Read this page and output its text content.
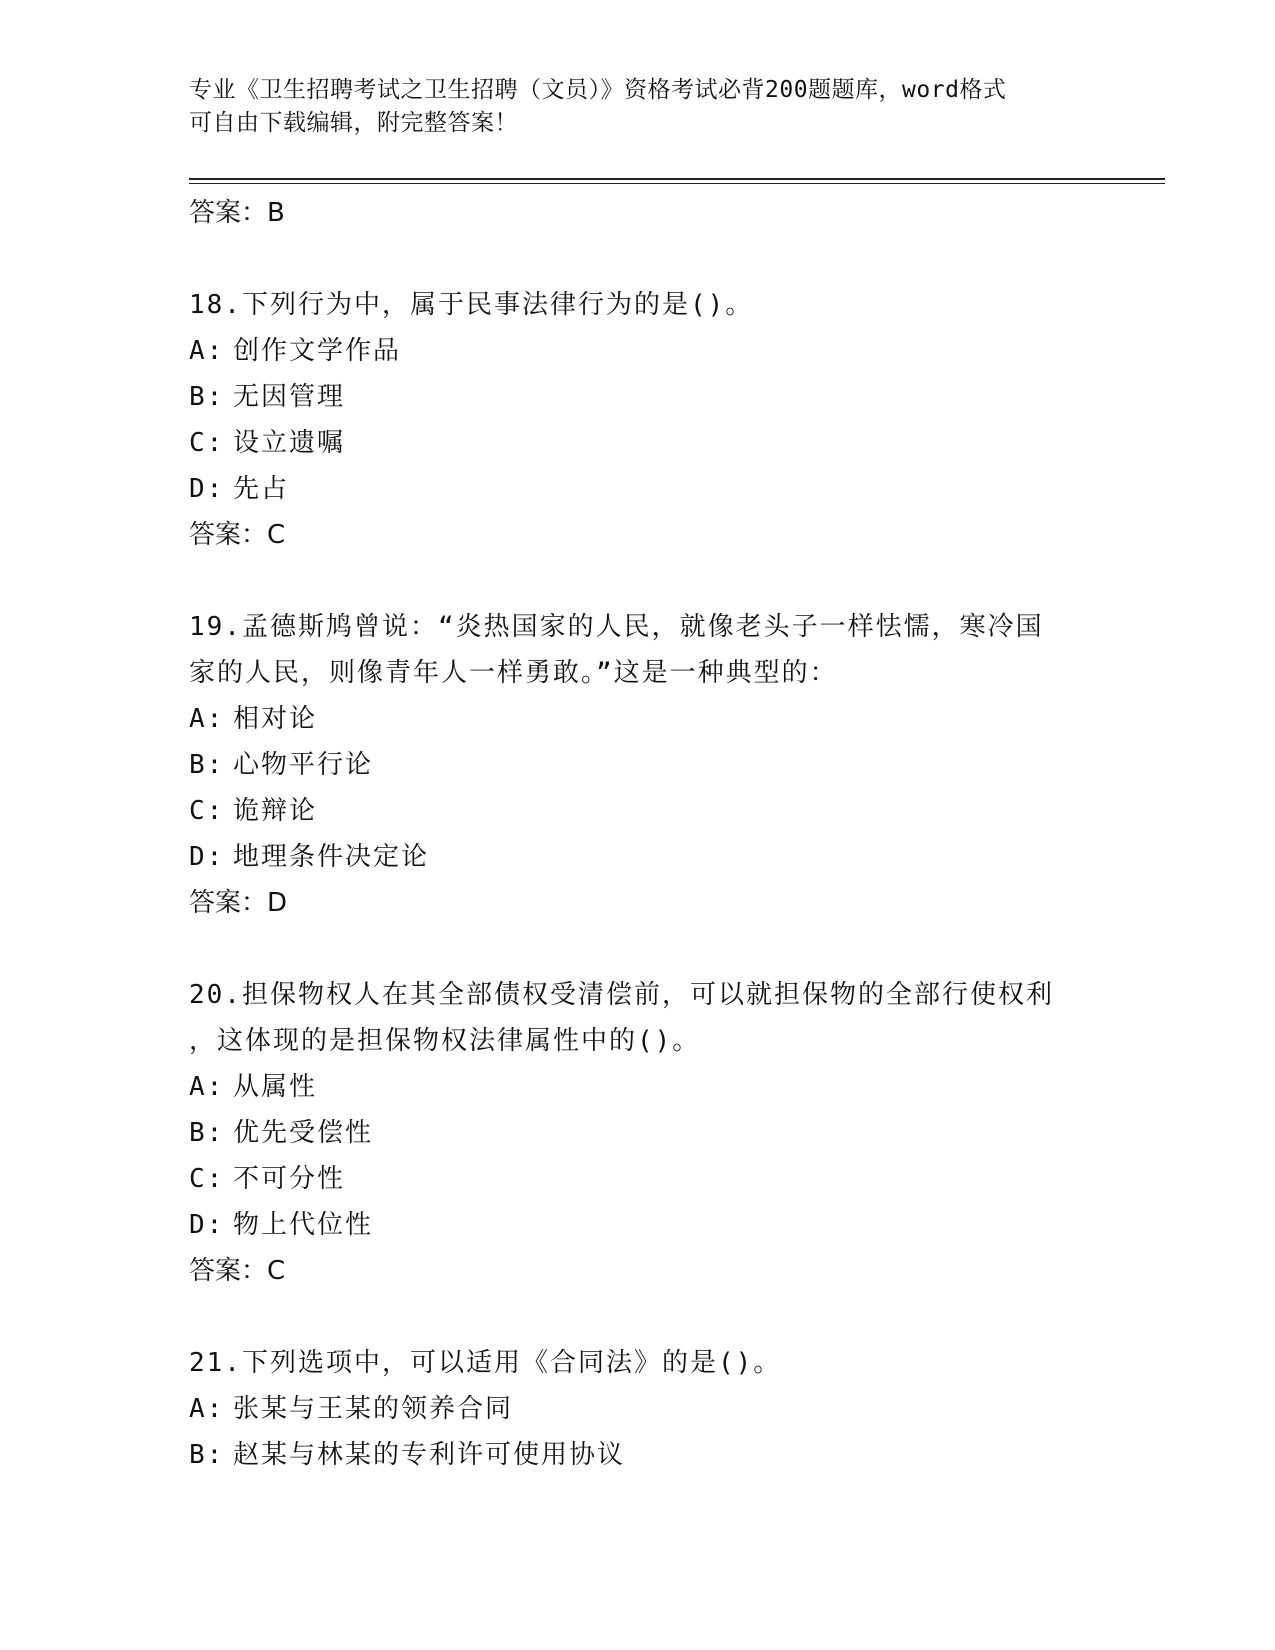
专业《卫生招聘考试之卫生招聘（文员）》资格考试必背200题题库，word格式
可自由下载编辑，附完整答案！
答案：B
18.下列行为中，属于民事法律行为的是()。
A: 创作文学作品
B: 无因管理
C: 设立遗嘱
D: 先占
答案：C
19.孟德斯鸠曾说：“炎热国家的人民，就像老头子一样怯懦，寒冷国
家的人民，则像青年人一样勇敢。”这是一种典型的：
A: 相对论
B: 心物平行论
C: 诡辩论
D: 地理条件决定论
答案：D
20.担保物权人在其全部债权受清偿前，可以就担保物的全部行使权利
，这体现的是担保物权法律属性中的()。
A: 从属性
B: 优先受偿性
C: 不可分性
D: 物上代位性
答案：C
21.下列选项中，可以适用《合同法》的是()。
A: 张某与王某的领养合同
B: 赵某与林某的专利许可使用协议
